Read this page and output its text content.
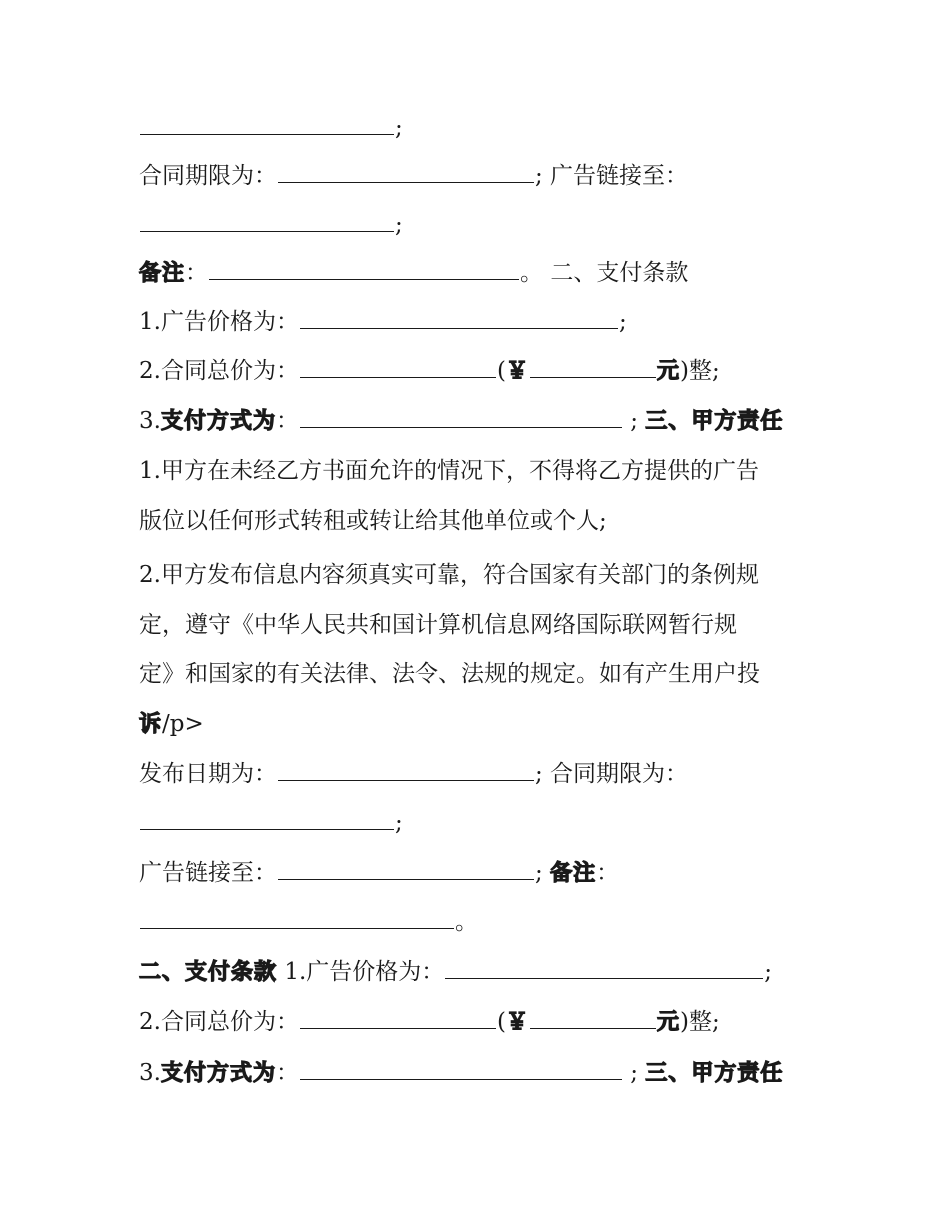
;
合同期限为：	; 广告链接至：
;
备注：	。 二、支付条款
1.广告价格为：	;
2.合同总价为：	(￥	元)整;
3.支付方式为：	; 三、甲方责任
1.甲方在未经乙方书面允许的情况下，不得将乙方提供的广告
版位以任何形式转租或转让给其他单位或个人;
2.甲方发布信息内容须真实可靠，符合国家有关部门的条例规
定，遵守《中华人民共和国计算机信息网络国际联网暂行规
定》和国家的有关法律、法令、法规的规定。如有产生用户投
诉/p>
发布日期为：	; 合同期限为：
;
广告链接至：	; 备注：
。
二、支付条款 1.广告价格为：	;
2.合同总价为：	(￥	元)整;
3.支付方式为：	; 三、甲方责任
